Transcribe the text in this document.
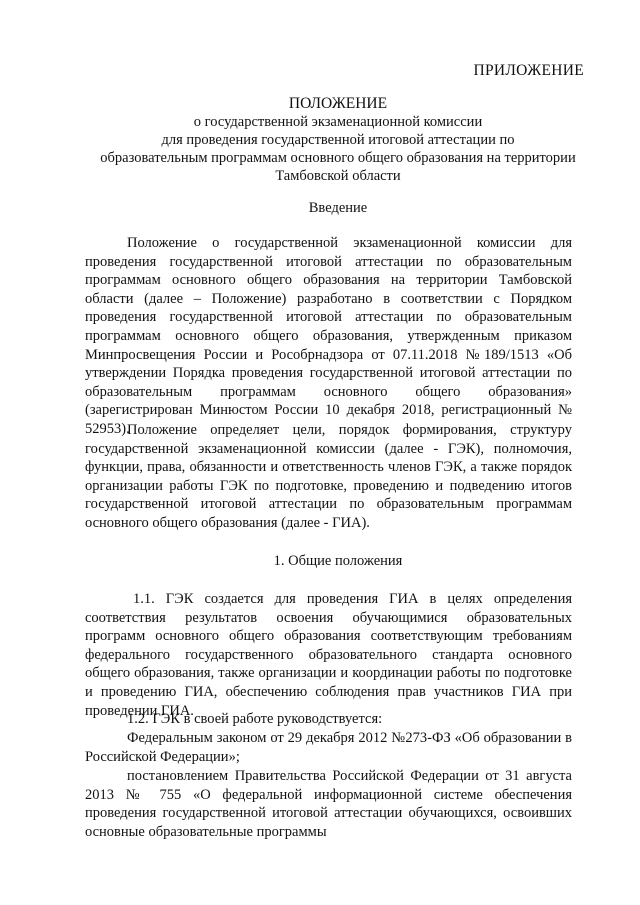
ПРИЛОЖЕНИЕ
ПОЛОЖЕНИЕ
о государственной экзаменационной комиссии
для проведения государственной итоговой аттестации по
образовательным программам основного общего образования на территории
Тамбовской области
Введение

Положение о государственной экзаменационной комиссии для проведения государственной итоговой аттестации по образовательным программам основного общего образования на территории Тамбовской области (далее – Положение) разработано в соответствии с Порядком проведения государственной итоговой аттестации по образовательным программам основного общего образования, утвержденным приказом Минпросвещения России и Рособрнадзора от 07.11.2018 №189/1513 «Об утверждении Порядка проведения государственной итоговой аттестации по образовательным программам основного общего образования» (зарегистрирован Минюстом России 10 декабря 2018, регистрационный № 52953).

Положение определяет цели, порядок формирования, структуру государственной экзаменационной комиссии (далее - ГЭК), полномочия, функции, права, обязанности и ответственность членов ГЭК, а также порядок организации работы ГЭК по подготовке, проведению и подведению итогов государственной итоговой аттестации по образовательным программам основного общего образования (далее - ГИА).

1. Общие положения

1.1. ГЭК создается для проведения ГИА в целях определения соответствия результатов освоения обучающимися образовательных программ основного общего образования соответствующим требованиям федерального государственного образовательного стандарта основного общего образования, также организации и координации работы по подготовке и проведению ГИА, обеспечению соблюдения прав участников ГИА при проведении ГИА.

1.2. ГЭК в своей работе руководствуется:

Федеральным законом от 29 декабря 2012 №273-ФЗ «Об образовании в Российской Федерации»;

постановлением Правительства Российской Федерации от 31 августа 2013 № 755 «О федеральной информационной системе обеспечения проведения государственной итоговой аттестации обучающихся, освоивших основные образовательные программы
